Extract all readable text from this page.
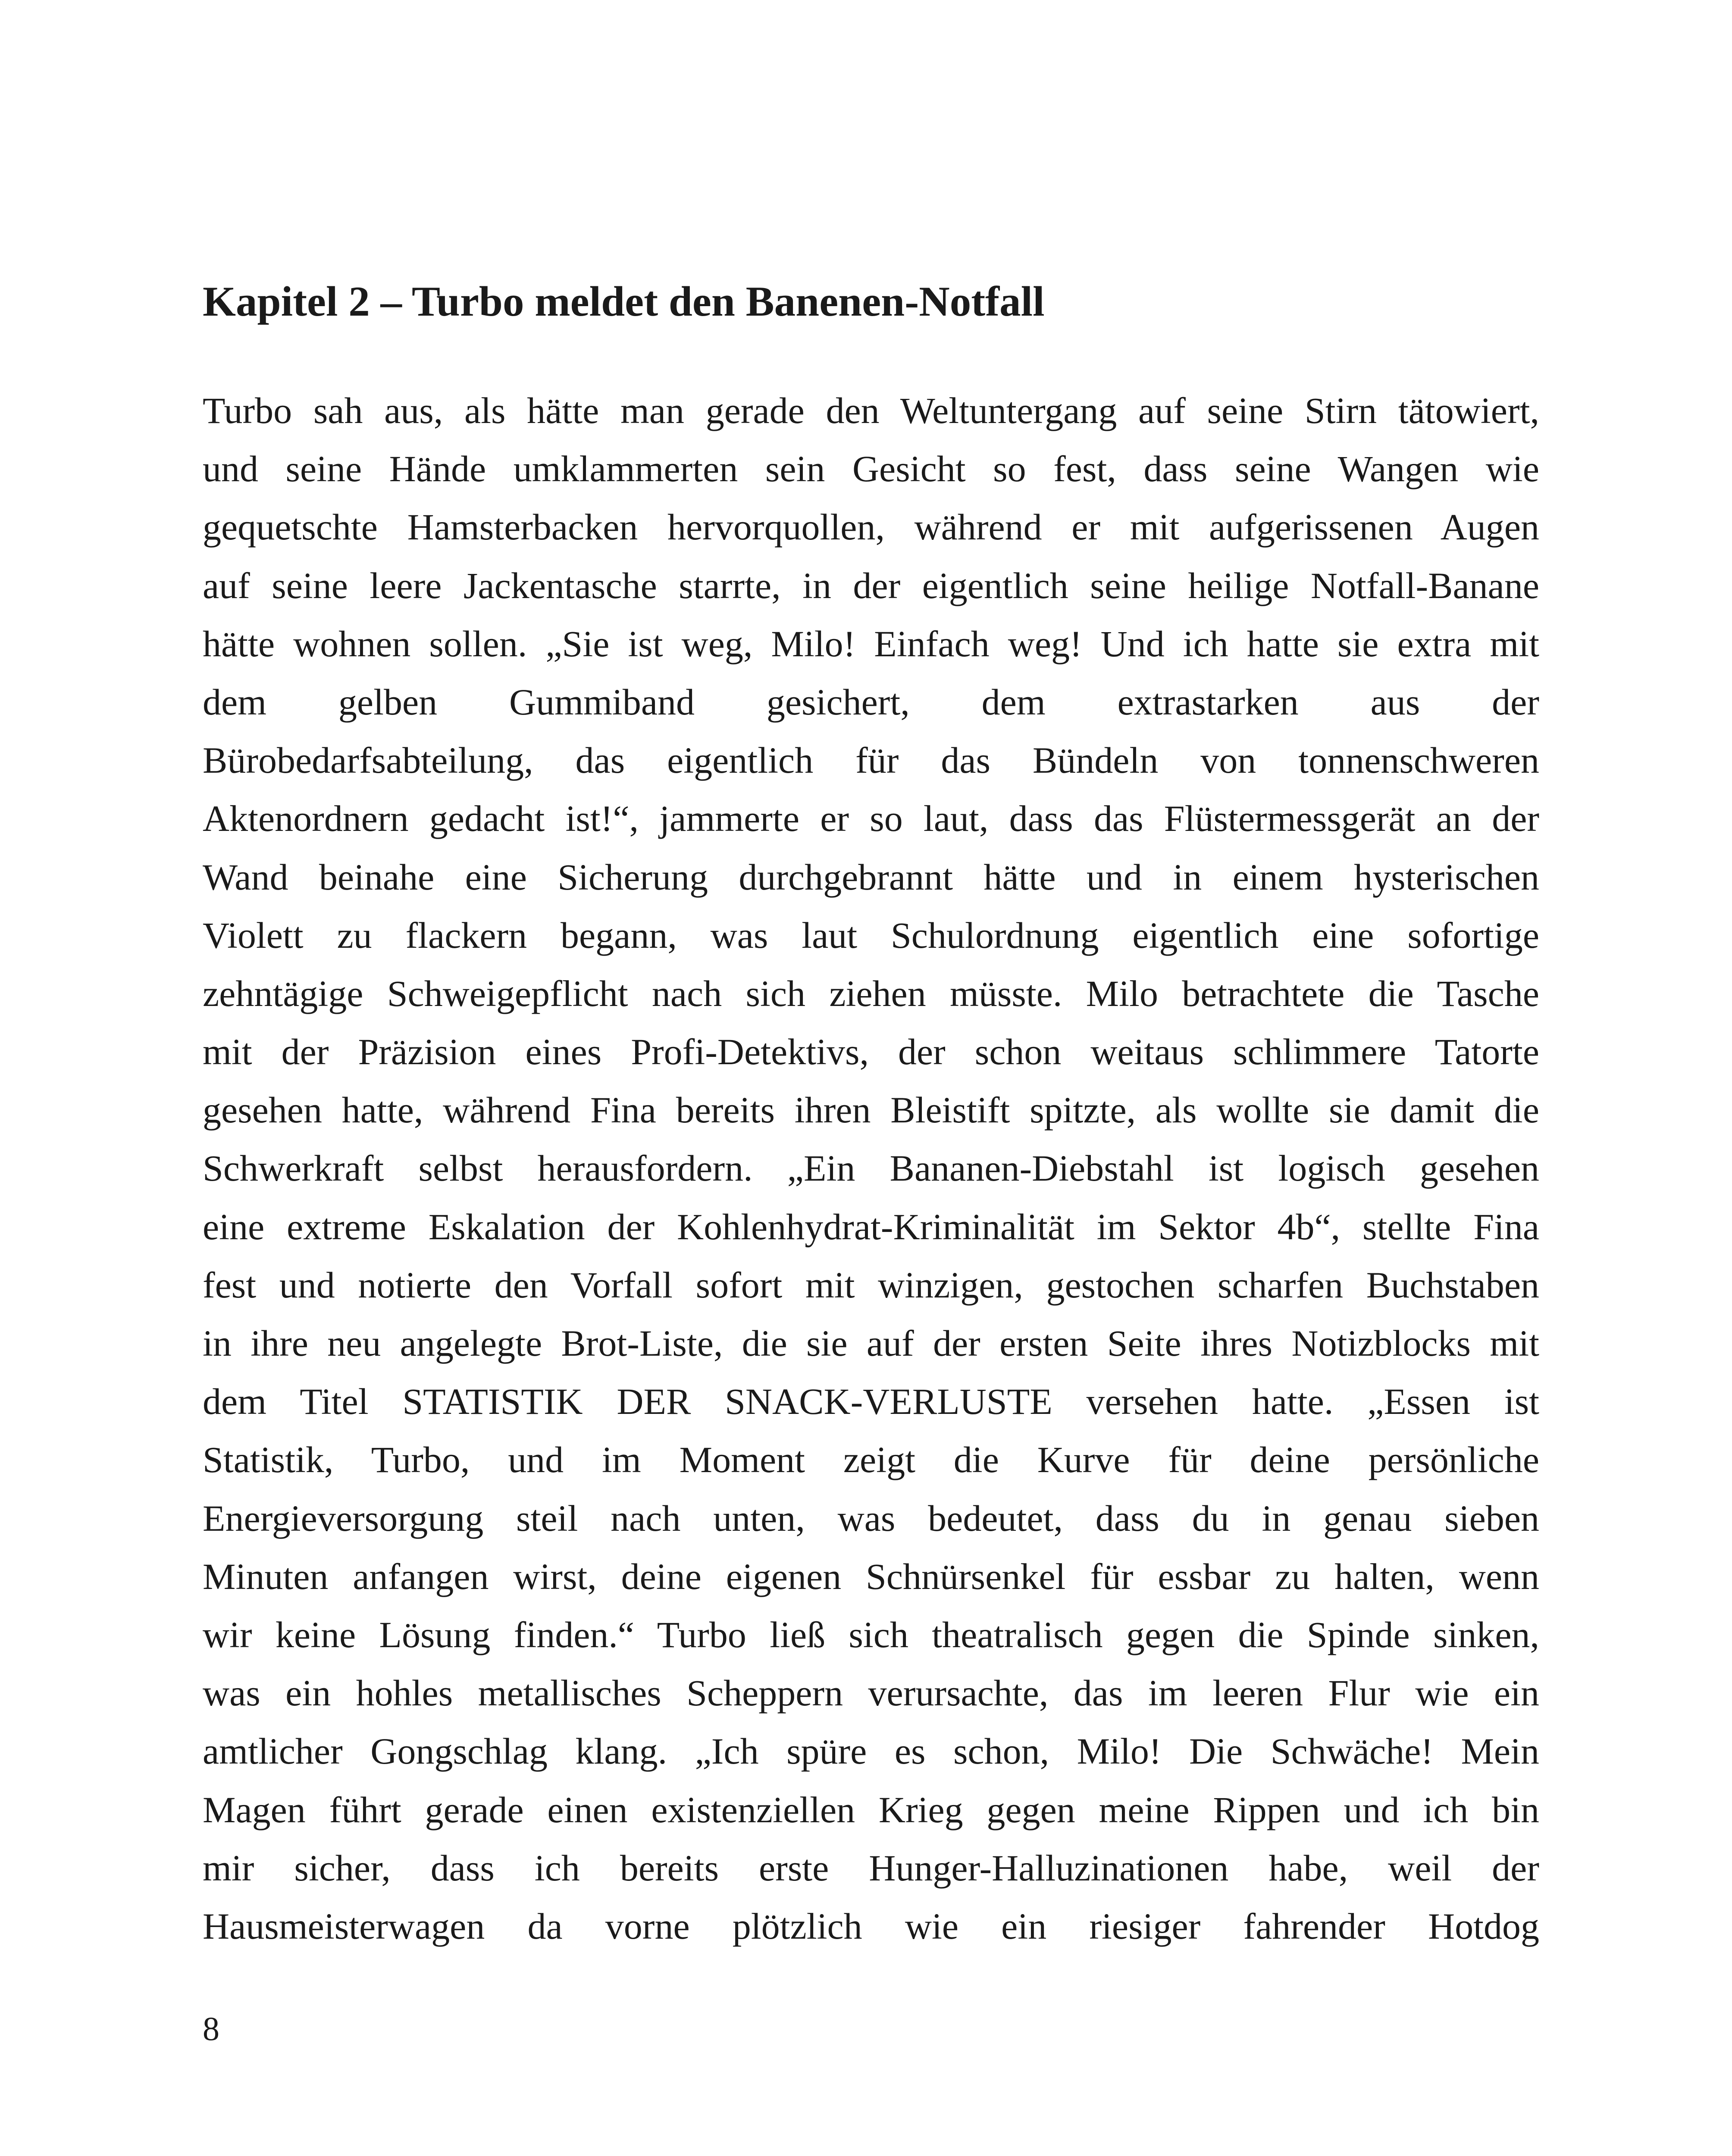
Kapitel 2 – Turbo meldet den Banenen-Notfall
Turbo sah aus, als hätte man gerade den Weltuntergang auf seine Stirn tätowiert,
und seine Hände umklammerten sein Gesicht so fest, dass seine Wangen wie
gequetschte Hamsterbacken hervorquollen, während er mit aufgerissenen Augen
auf seine leere Jackentasche starrte, in der eigentlich seine heilige Notfall-Banane
hätte wohnen sollen. „Sie ist weg, Milo! Einfach weg! Und ich hatte sie extra mit
dem gelben Gummiband gesichert, dem extrastarken aus der
Bürobedarfsabteilung, das eigentlich für das Bündeln von tonnenschweren
Aktenordnern gedacht ist!“, jammerte er so laut, dass das Flüstermessgerät an der
Wand beinahe eine Sicherung durchgebrannt hätte und in einem hysterischen
Violett zu flackern begann, was laut Schulordnung eigentlich eine sofortige
zehntägige Schweigepflicht nach sich ziehen müsste. Milo betrachtete die Tasche
mit der Präzision eines Profi-Detektivs, der schon weitaus schlimmere Tatorte
gesehen hatte, während Fina bereits ihren Bleistift spitzte, als wollte sie damit die
Schwerkraft selbst herausfordern. „Ein Bananen-Diebstahl ist logisch gesehen
eine extreme Eskalation der Kohlenhydrat-Kriminalität im Sektor 4b“, stellte Fina
fest und notierte den Vorfall sofort mit winzigen, gestochen scharfen Buchstaben
in ihre neu angelegte Brot-Liste, die sie auf der ersten Seite ihres Notizblocks mit
dem Titel STATISTIK DER SNACK-VERLUSTE versehen hatte. „Essen ist
Statistik, Turbo, und im Moment zeigt die Kurve für deine persönliche
Energieversorgung steil nach unten, was bedeutet, dass du in genau sieben
Minuten anfangen wirst, deine eigenen Schnürsenkel für essbar zu halten, wenn
wir keine Lösung finden.“ Turbo ließ sich theatralisch gegen die Spinde sinken,
was ein hohles metallisches Scheppern verursachte, das im leeren Flur wie ein
amtlicher Gongschlag klang. „Ich spüre es schon, Milo! Die Schwäche! Mein
Magen führt gerade einen existenziellen Krieg gegen meine Rippen und ich bin
mir sicher, dass ich bereits erste Hunger-Halluzinationen habe, weil der
Hausmeisterwagen da vorne plötzlich wie ein riesiger fahrender Hotdog

8
